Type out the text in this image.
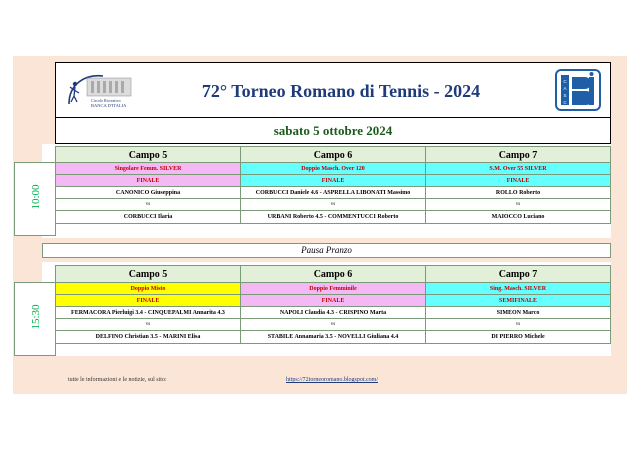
Circolo Ricreativo
BANCA D'ITALIA
72° Torneo Romano di Tennis - 2024	C
A
S
C
sabato 5 ottobre 2024
Campo 5	Campo 6	Campo 7
10:00
Singolare Femm. SILVER	Doppio Masch. Over 120	S.M. Over 55 SILVER
FINALE	FINALE	FINALE
CANONICO Giuseppina	CORBUCCI Daniele 4.6 - ASPRELLA LIBONATI Massimo	ROLLO Roberto
vs	vs	vs
CORBUCCI Ilaria	URBANI Roberto 4.5 - COMMENTUCCI Roberto	MAIOCCO Luciano
Pausa Pranzo
Campo 5	Campo 6	Campo 7
15:30
Doppio Misto	Doppio Femminile	Sing. Masch. SILVER
FINALE	FINALE	SEMIFINALE
FERMACORA Pierluigi 3.4 - CINQUEPALMI Annarita 4.3	NAPOLI Claudia 4.3 - CRISPINO Marta	SIMEON Marco
vs	vs	vs
DELFINO Christian 3.5 - MARINI Elisa	STABILE Annamaria 3.5 - NOVELLI Giuliana 4.4	DI PIERRO Michele
tutte le informazioni e le notizie, sul sito:	https://72torneoromano.blogspot.com/
